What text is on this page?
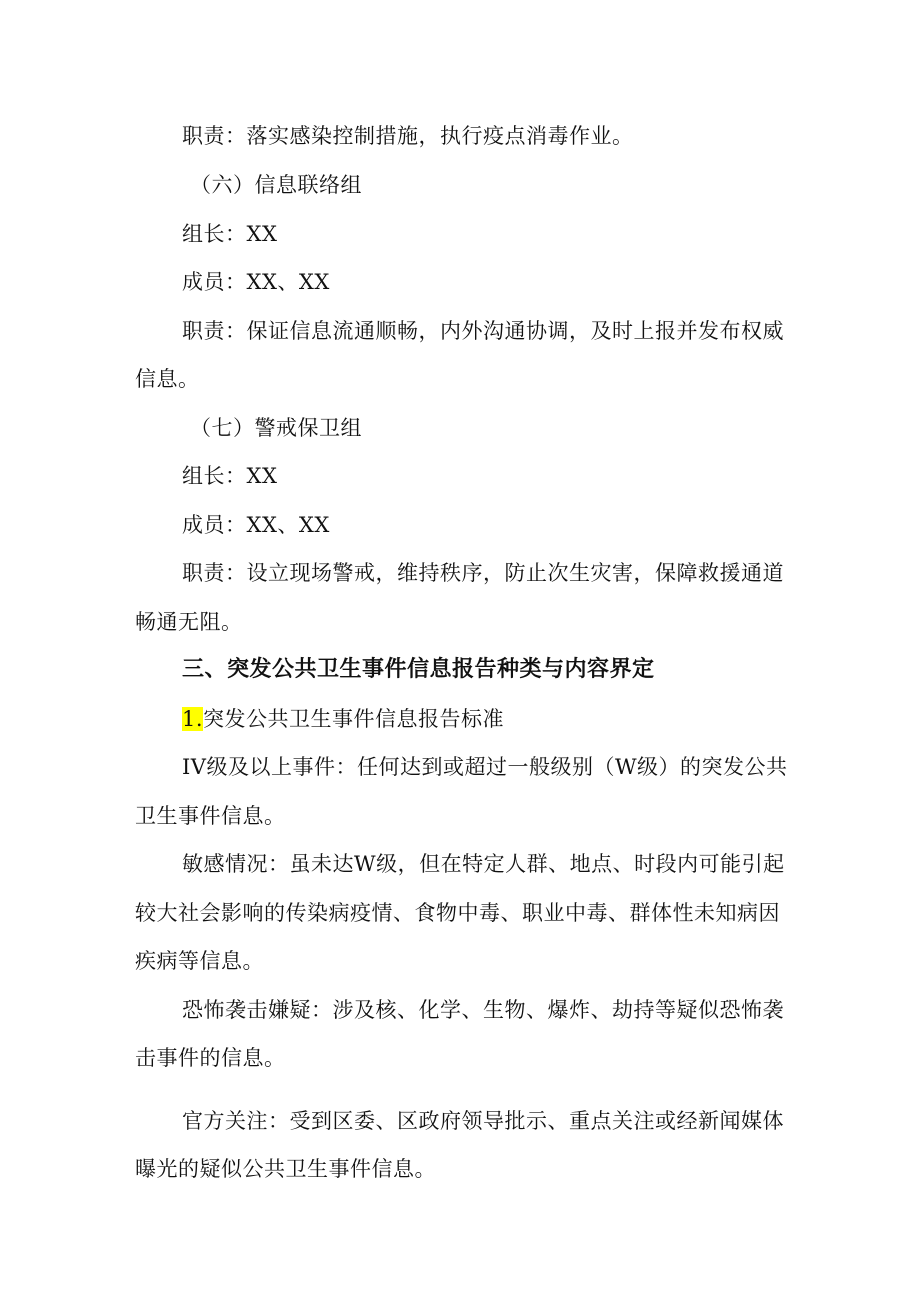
职责：落实感染控制措施，执行疫点消毒作业。
（六）信息联络组
组长：XX
成员：XX、XX
职责：保证信息流通顺畅，内外沟通协调，及时上报并发布权威
信息。
（七）警戒保卫组
组长：XX
成员：XX、XX
职责：设立现场警戒，维持秩序，防止次生灾害，保障救援通道
畅通无阻。
三、突发公共卫生事件信息报告种类与内容界定
1.突发公共卫生事件信息报告标准
IV级及以上事件：任何达到或超过一般级别（W级）的突发公共
卫生事件信息。
敏感情况：虽未达W级，但在特定人群、地点、时段内可能引起
较大社会影响的传染病疫情、食物中毒、职业中毒、群体性未知病因
疾病等信息。
恐怖袭击嫌疑：涉及核、化学、生物、爆炸、劫持等疑似恐怖袭
击事件的信息。
官方关注：受到区委、区政府领导批示、重点关注或经新闻媒体
曝光的疑似公共卫生事件信息。
